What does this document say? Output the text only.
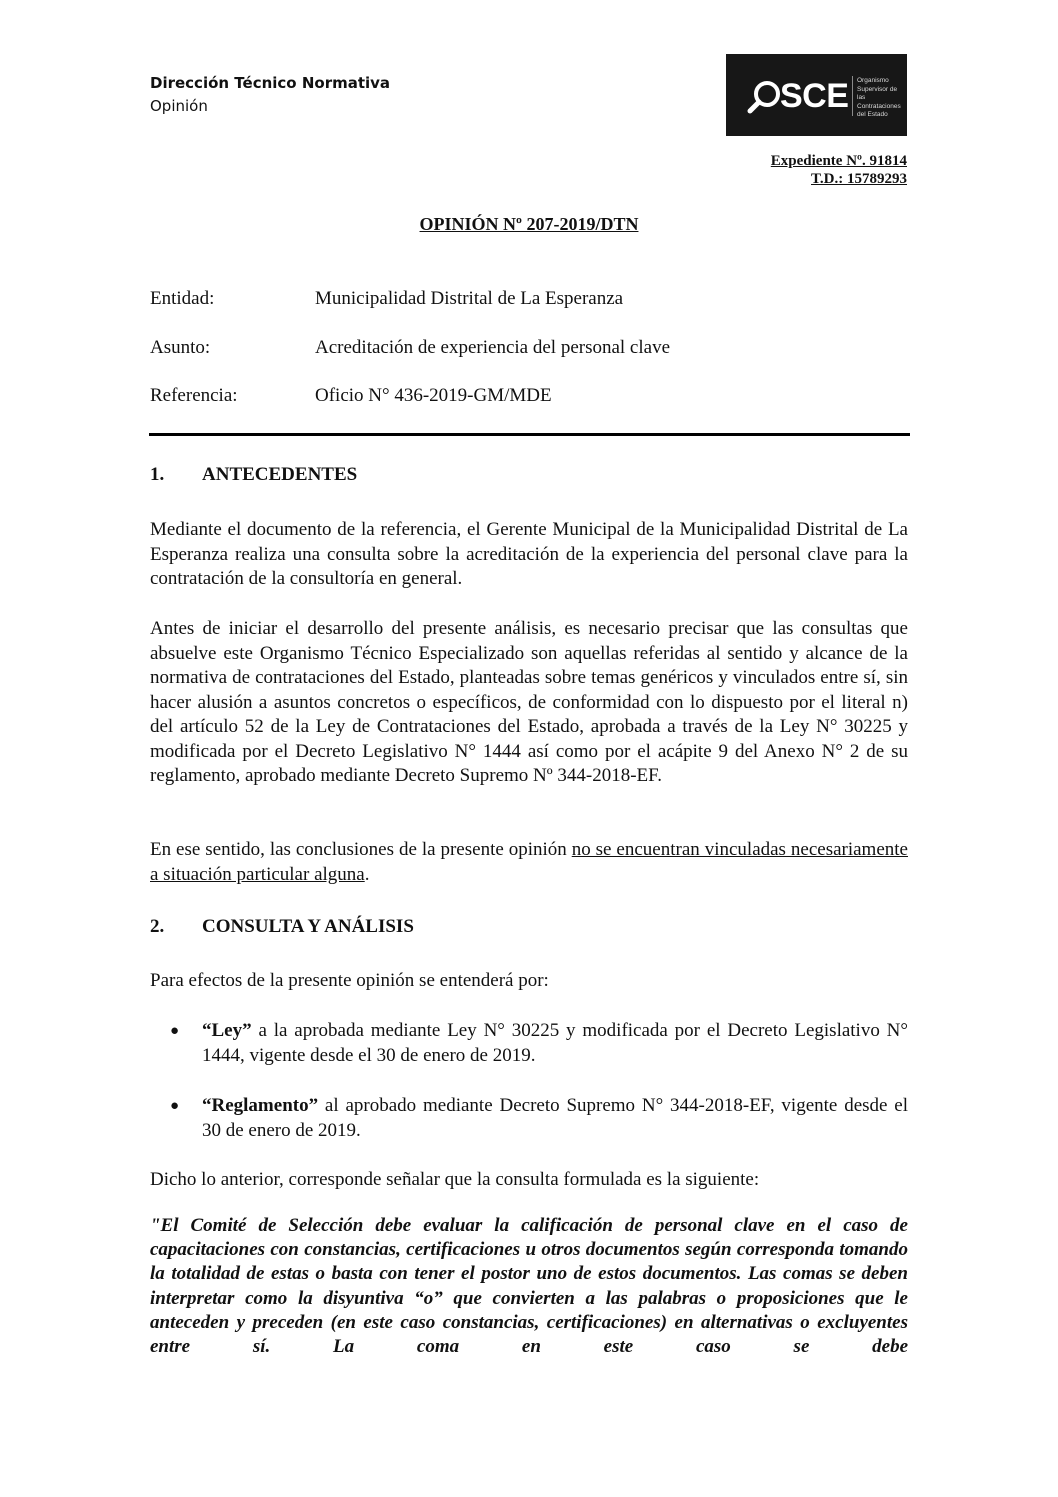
Dirección Técnico Normativa
Opinión	SCE Organismo
Supervisor de las
Contrataciones
del Estado
Expediente Nº. 91814
T.D.: 15789293
OPINIÓN Nº 207-2019/DTN
Entidad:	Municipalidad Distrital de La Esperanza
Asunto:	Acreditación de experiencia del personal clave
Referencia:	Oficio N° 436-2019-GM/MDE
1. ANTECEDENTES
Mediante el documento de la referencia, el Gerente Municipal de la Municipalidad Distrital de La Esperanza realiza una consulta sobre la acreditación de la experiencia del personal clave para la contratación de la consultoría en general.
Antes de iniciar el desarrollo del presente análisis, es necesario precisar que las consultas que absuelve este Organismo Técnico Especializado son aquellas referidas al sentido y alcance de la normativa de contrataciones del Estado, planteadas sobre temas genéricos y vinculados entre sí, sin hacer alusión a asuntos concretos o específicos, de conformidad con lo dispuesto por el literal n) del artículo 52 de la Ley de Contrataciones del Estado, aprobada a través de la Ley N° 30225 y modificada por el Decreto Legislativo N° 1444 así como por el acápite 9 del Anexo N° 2 de su reglamento, aprobado mediante Decreto Supremo Nº 344-2018-EF.
En ese sentido, las conclusiones de la presente opinión no se encuentran vinculadas necesariamente a situación particular alguna.
2. CONSULTA Y ANÁLISIS
Para efectos de la presente opinión se entenderá por:
● “Ley” a la aprobada mediante Ley N° 30225 y modificada por el Decreto Legislativo N° 1444, vigente desde el 30 de enero de 2019.
● “Reglamento” al aprobado mediante Decreto Supremo N° 344-2018-EF, vigente desde el 30 de enero de 2019.
Dicho lo anterior, corresponde señalar que la consulta formulada es la siguiente:
"El Comité de Selección debe evaluar la calificación de personal clave en el caso de capacitaciones con constancias, certificaciones u otros documentos según corresponda tomando la totalidad de estas o basta con tener el postor uno de estos documentos. Las comas se deben interpretar como la disyuntiva “o” que convierten a las palabras o proposiciones que le anteceden y preceden (en este caso constancias, certificaciones) en alternativas o excluyentes entre sí. La coma en este caso se debe
